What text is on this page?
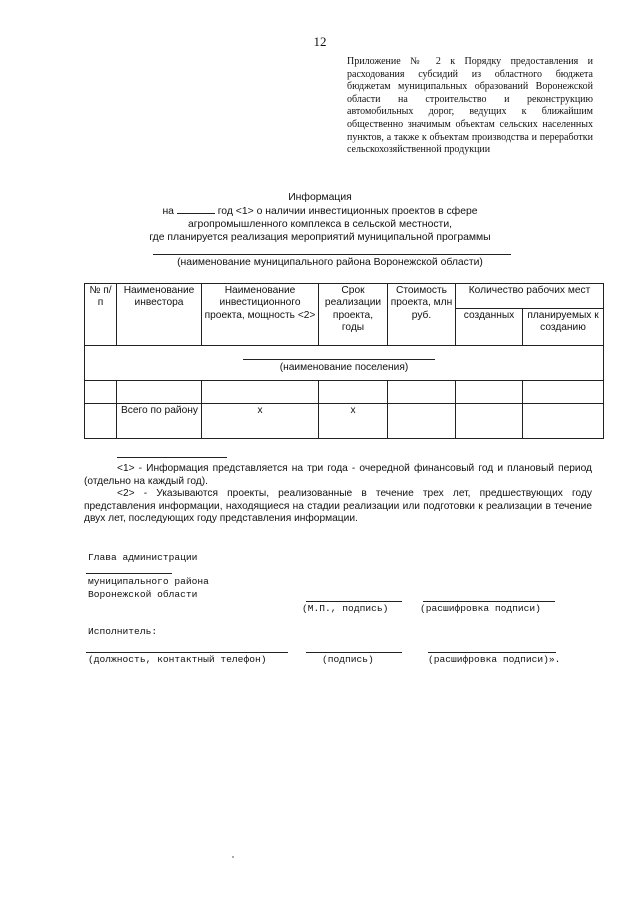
12
Приложение № 2 к Порядку предоставления и расходования субсидий из областного бюджета бюджетам муниципальных образований Воронежской области на строительство и реконструкцию автомобильных дорог, ведущих к ближайшим общественно значимым объектам сельских населенных пунктов, а также к объектам производства и переработки сельскохозяйственной продукции
Информация
на	год <1> о наличии инвестиционных проектов в сфере
агропромышленного комплекса в сельской местности,
где планируется реализация мероприятий муниципальной программы
(наименование муниципального района Воронежской области)
№ п/п	Наименование инвестора	Наименование инвестиционного проекта, мощность <2>	Срок реализации проекта, годы	Стоимость проекта, млн руб.	Количество рабочих мест	
					созданных	планируемых к созданию

(наименование поселения)						

	Всего по району	х	х			

<1> - Информация представляется на три года - очередной финансовый год и плановый период (отдельно на каждый год).

<2> - Указываются проекты, реализованные в течение трех лет, предшествующих году представления информации, находящиеся на стадии реализации или подготовки к реализации в течение двух лет, последующих году представления информации.

Глава администрации
муниципального района
Воронежской области
(М.П., подпись)	(расшифровка подписи)
Исполнитель:
(должность, контактный телефон)	(подпись)	(расшифровка подписи)».
